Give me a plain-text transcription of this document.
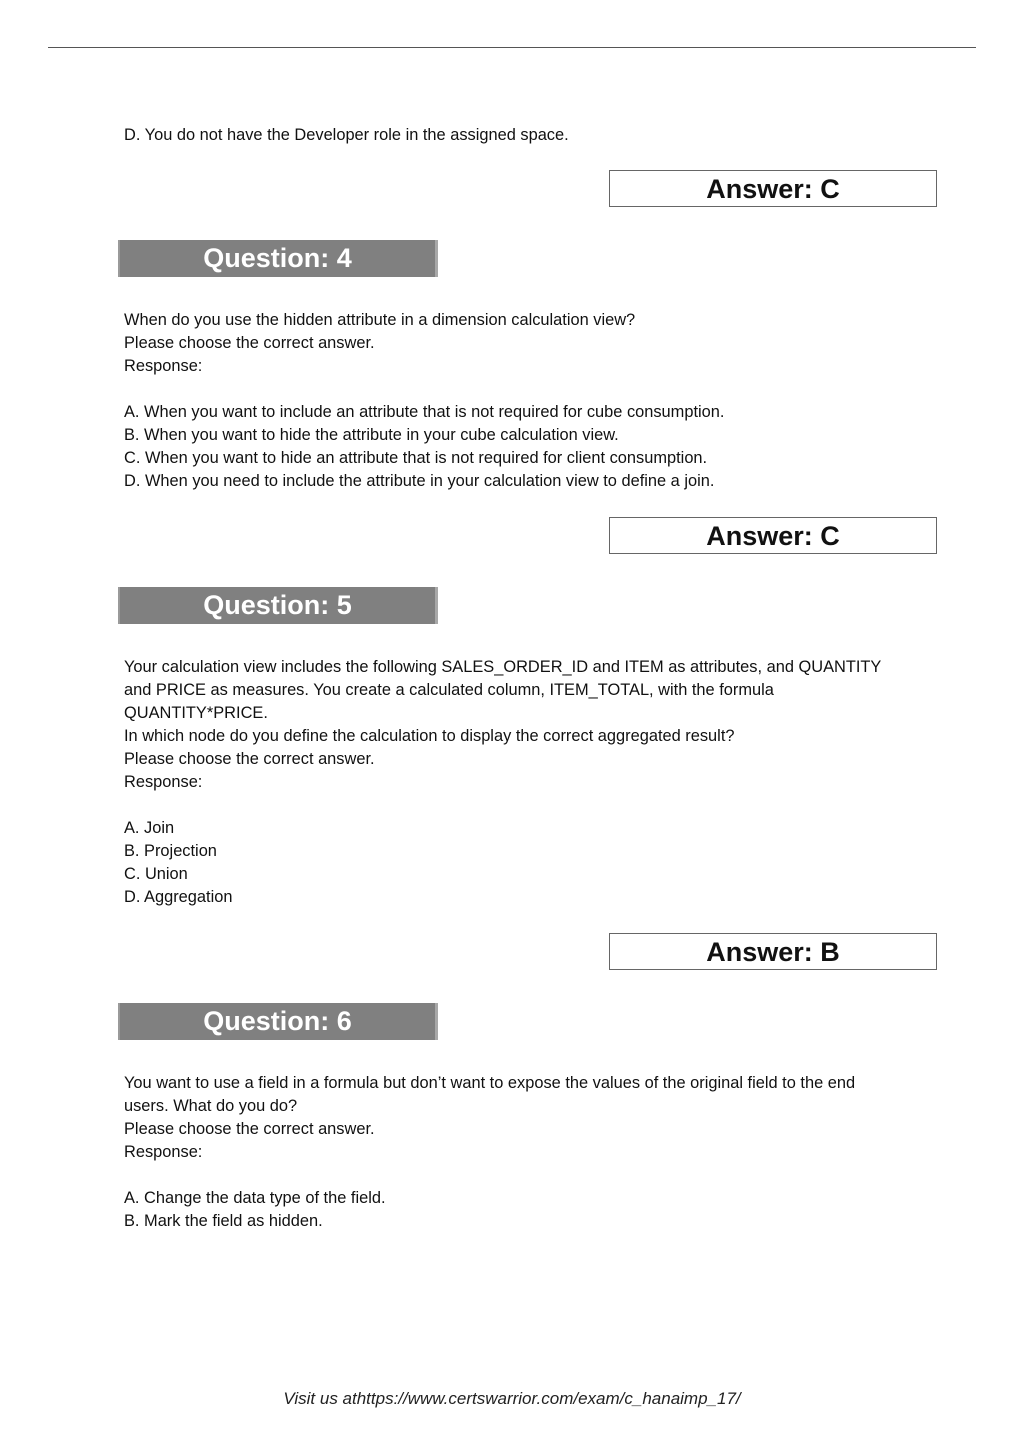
D. You do not have the Developer role in the assigned space.

Answer: C
Question: 4

When do you use the hidden attribute in a dimension calculation view?

Please choose the correct answer.

Response:

A. When you want to include an attribute that is not required for cube consumption.

B. When you want to hide the attribute in your cube calculation view.

C. When you want to hide an attribute that is not required for client consumption.

D. When you need to include the attribute in your calculation view to define a join.

Answer: C
Question: 5

Your calculation view includes the following SALES_ORDER_ID and ITEM as attributes, and QUANTITY

and PRICE as measures. You create a calculated column, ITEM_TOTAL, with the formula

QUANTITY*PRICE.

In which node do you define the calculation to display the correct aggregated result?

Please choose the correct answer.

Response:

A. Join

B. Projection

C. Union

D. Aggregation

Answer: B
Question: 6

You want to use a field in a formula but don’t want to expose the values of the original field to the end

users. What do you do?

Please choose the correct answer.

Response:

A. Change the data type of the field.

B. Mark the field as hidden.

Visit us athttps://www.certswarrior.com/exam/c_hanaimp_17/
